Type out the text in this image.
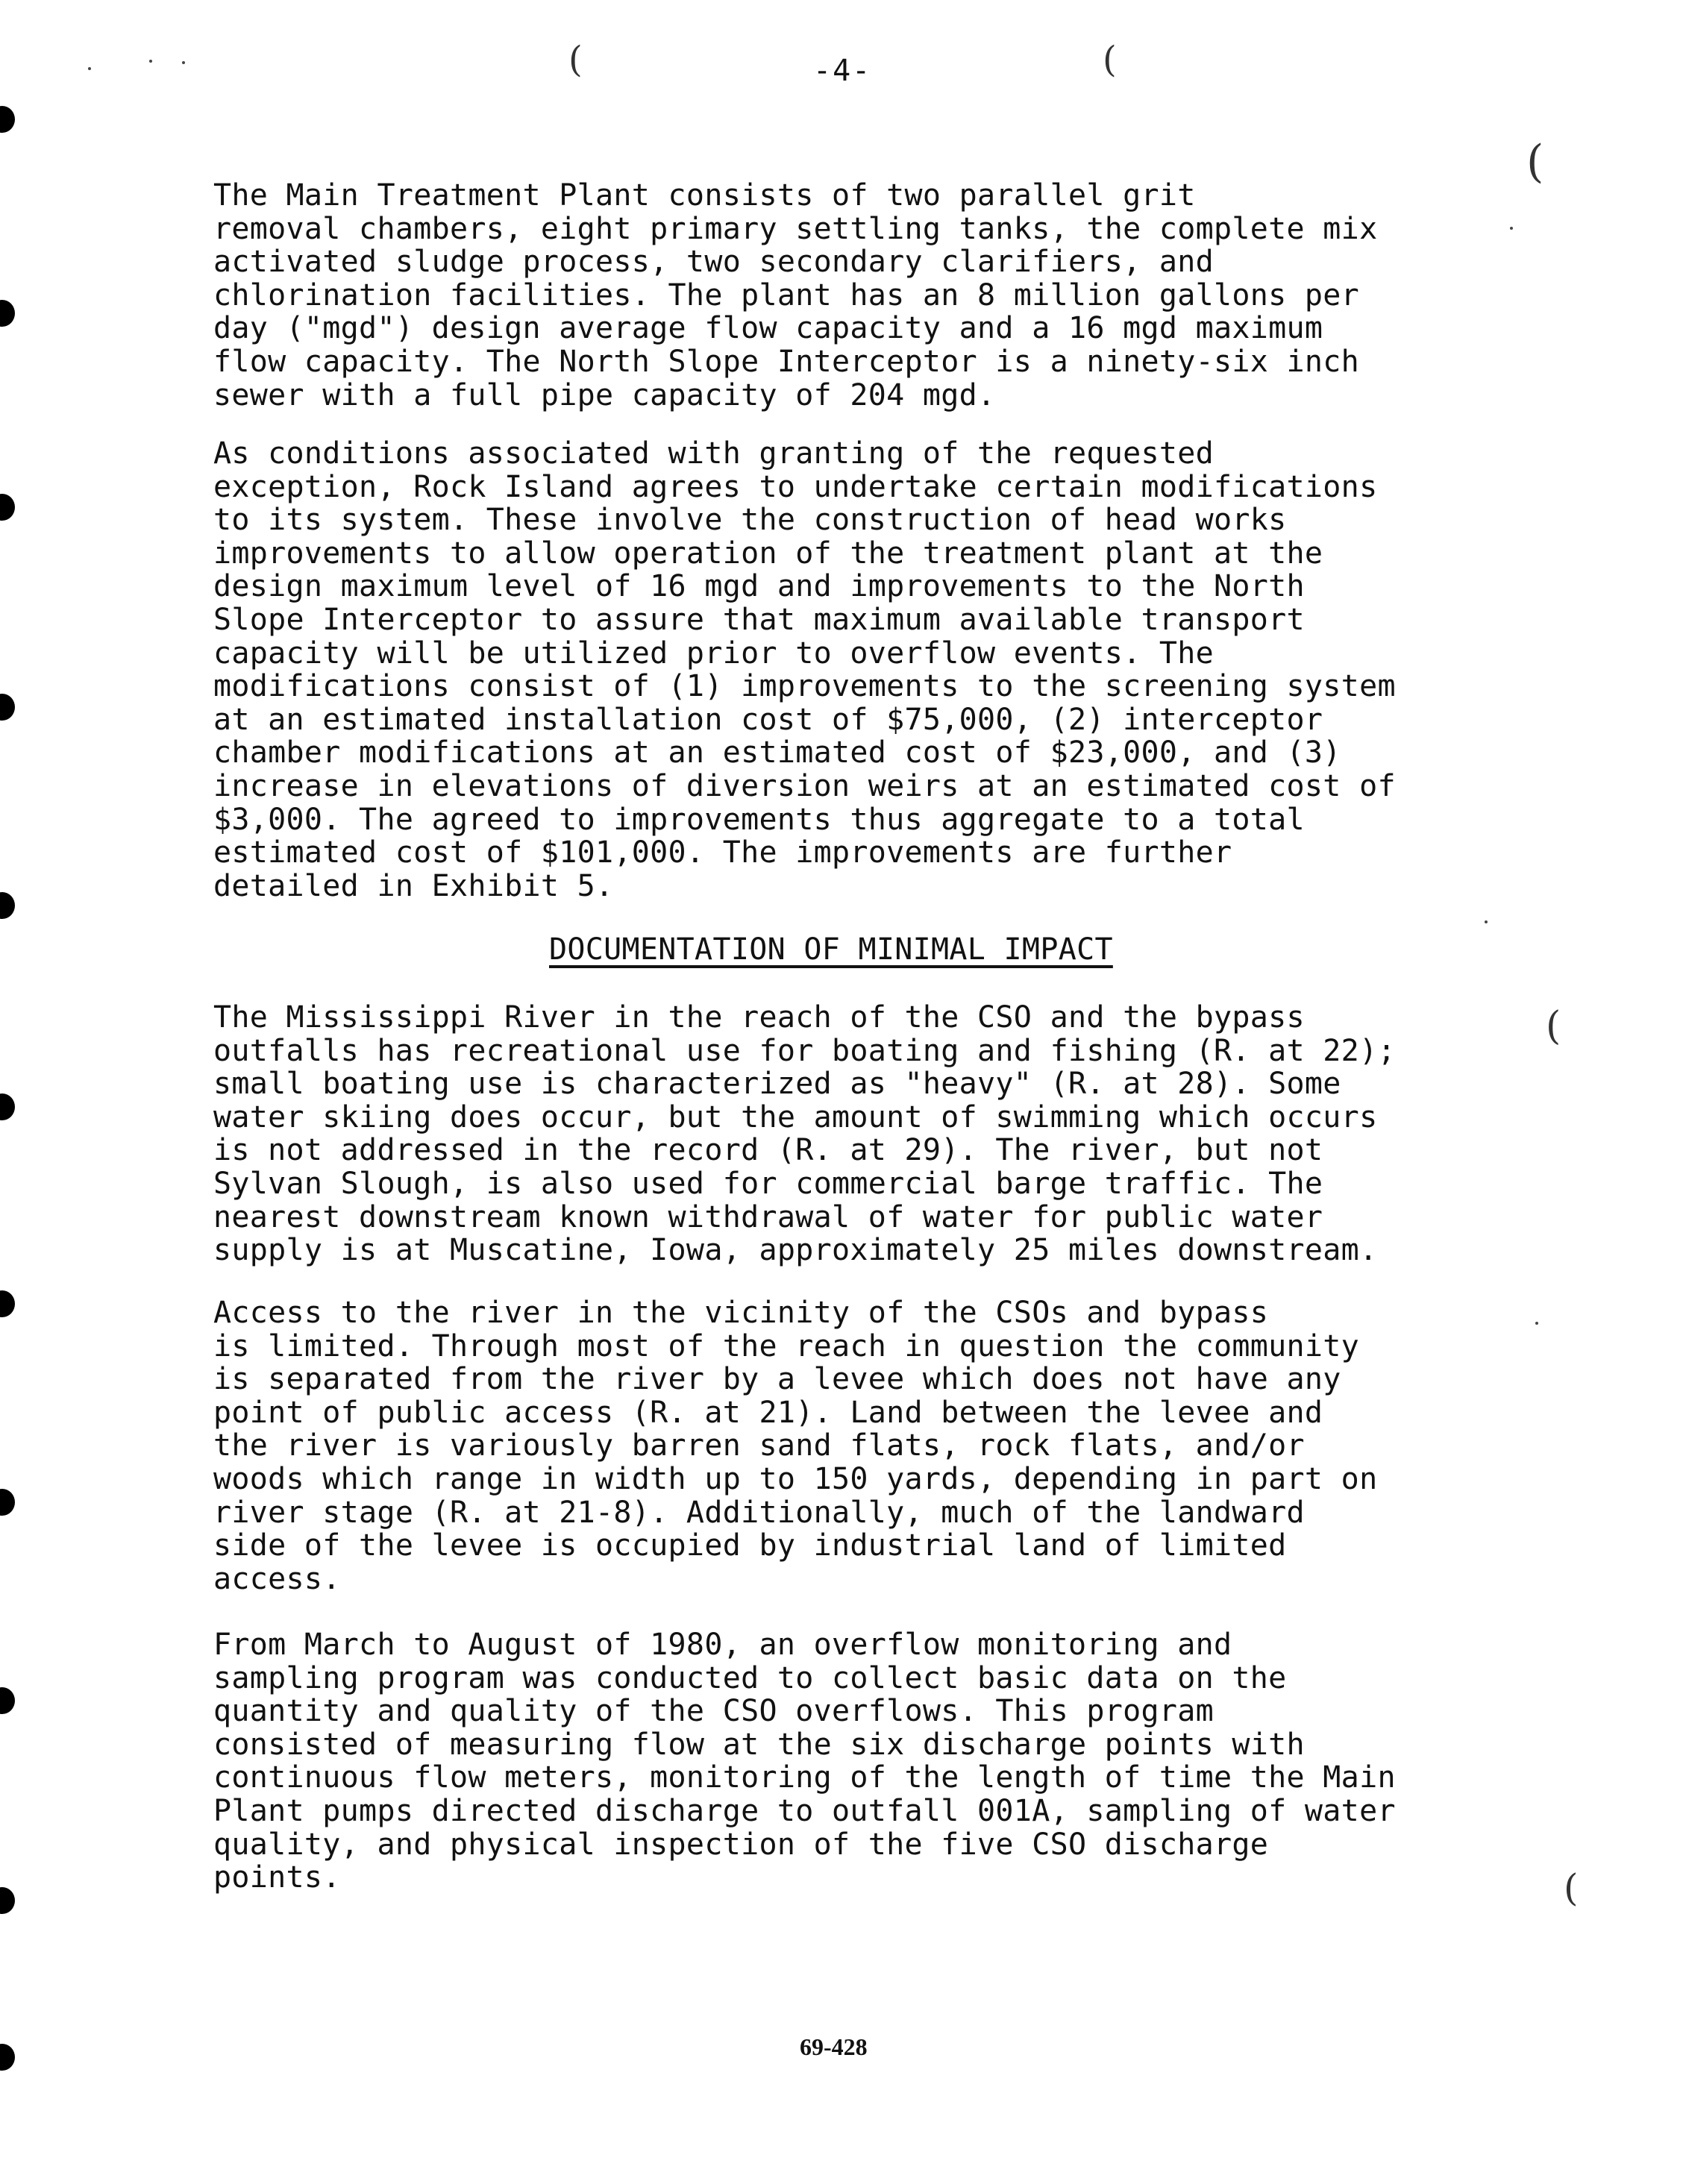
(	(
(
(
(
-4-

The Main Treatment Plant consists of two parallel grit
removal chambers, eight primary settling tanks, the complete mix
activated sludge process, two secondary clarifiers, and
chlorination facilities. The plant has an 8 million gallons per
day ("mgd") design average flow capacity and a 16 mgd maximum
flow capacity. The North Slope Interceptor is a ninety-six inch
sewer with a full pipe capacity of 204 mgd.

As conditions associated with granting of the requested
exception, Rock Island agrees to undertake certain modifications
to its system. These involve the construction of head works
improvements to allow operation of the treatment plant at the
design maximum level of 16 mgd and improvements to the North
Slope Interceptor to assure that maximum available transport
capacity will be utilized prior to overflow events. The
modifications consist of (1) improvements to the screening system
at an estimated installation cost of $75,000, (2) interceptor
chamber modifications at an estimated cost of $23,000, and (3)
increase in elevations of diversion weirs at an estimated cost of
$3,000. The agreed to improvements thus aggregate to a total
estimated cost of $101,000. The improvements are further
detailed in Exhibit 5.

DOCUMENTATION OF MINIMAL IMPACT

The Mississippi River in the reach of the CSO and the bypass
outfalls has recreational use for boating and fishing (R. at 22);
small boating use is characterized as "heavy" (R. at 28). Some
water skiing does occur, but the amount of swimming which occurs
is not addressed in the record (R. at 29). The river, but not
Sylvan Slough, is also used for commercial barge traffic. The
nearest downstream known withdrawal of water for public water
supply is at Muscatine, Iowa, approximately 25 miles downstream.

Access to the river in the vicinity of the CSOs and bypass
is limited. Through most of the reach in question the community
is separated from the river by a levee which does not have any
point of public access (R. at 21). Land between the levee and
the river is variously barren sand flats, rock flats, and/or
woods which range in width up to 150 yards, depending in part on
river stage (R. at 21-8). Additionally, much of the landward
side of the levee is occupied by industrial land of limited
access.

From March to August of 1980, an overflow monitoring and
sampling program was conducted to collect basic data on the
quantity and quality of the CSO overflows. This program
consisted of measuring flow at the six discharge points with
continuous flow meters, monitoring of the length of time the Main
Plant pumps directed discharge to outfall 001A, sampling of water
quality, and physical inspection of the five CSO discharge
points.

69-428
